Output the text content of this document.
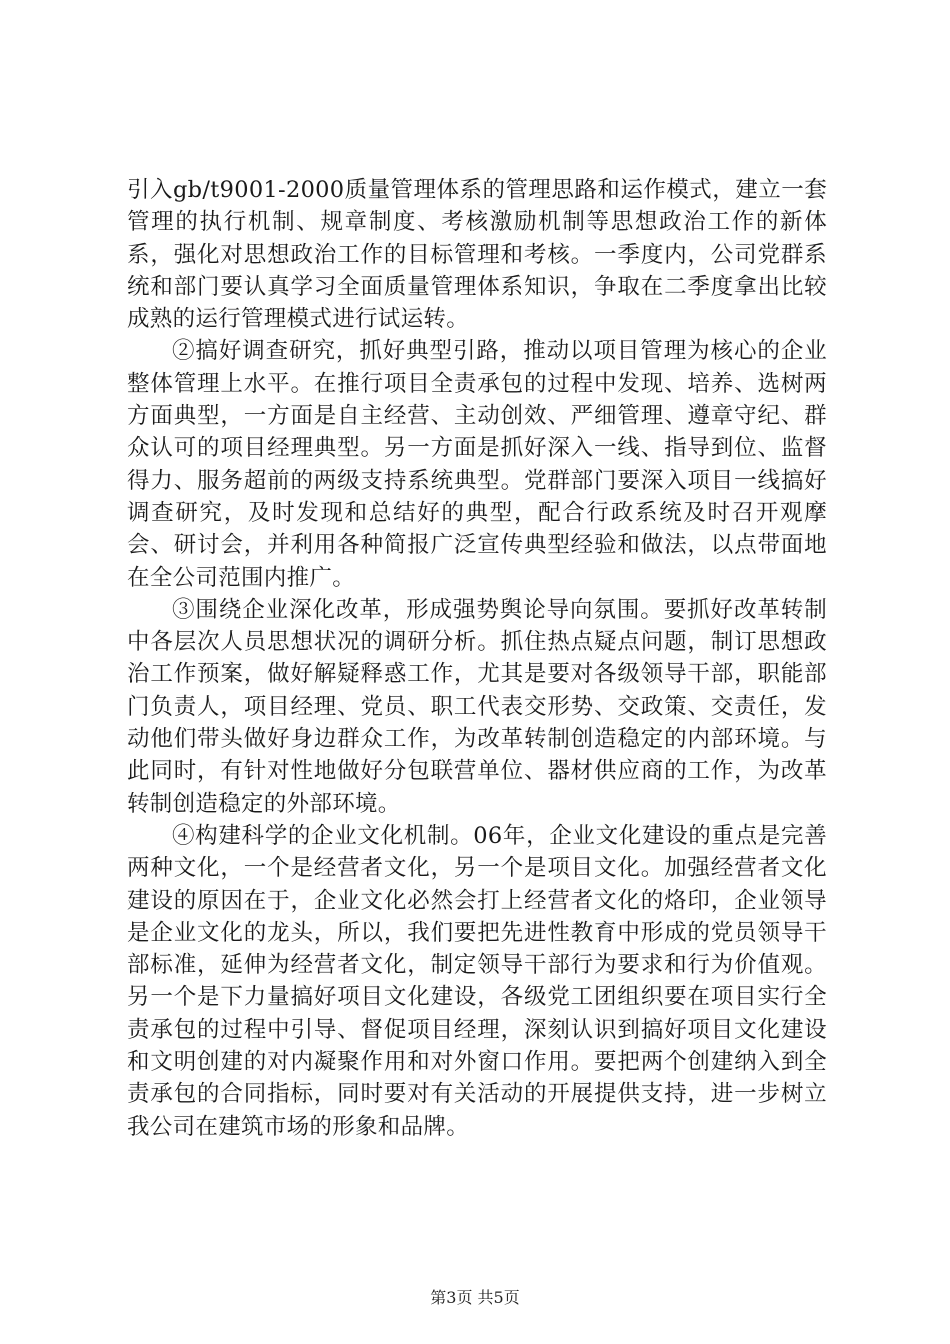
引入gb/t9001-2000质量管理体系的管理思路和运作模式，建立一套管理的执行机制、规章制度、考核激励机制等思想政治工作的新体系，强化对思想政治工作的目标管理和考核。一季度内，公司党群系统和部门要认真学习全面质量管理体系知识，争取在二季度拿出比较成熟的运行管理模式进行试运转。

②搞好调查研究，抓好典型引路，推动以项目管理为核心的企业整体管理上水平。在推行项目全责承包的过程中发现、培养、选树两方面典型，一方面是自主经营、主动创效、严细管理、遵章守纪、群众认可的项目经理典型。另一方面是抓好深入一线、指导到位、监督得力、服务超前的两级支持系统典型。党群部门要深入项目一线搞好调查研究，及时发现和总结好的典型，配合行政系统及时召开观摩会、研讨会，并利用各种简报广泛宣传典型经验和做法，以点带面地在全公司范围内推广。

③围绕企业深化改革，形成强势舆论导向氛围。要抓好改革转制中各层次人员思想状况的调研分析。抓住热点疑点问题，制订思想政治工作预案，做好解疑释惑工作，尤其是要对各级领导干部，职能部门负责人，项目经理、党员、职工代表交形势、交政策、交责任，发动他们带头做好身边群众工作，为改革转制创造稳定的内部环境。与此同时，有针对性地做好分包联营单位、器材供应商的工作，为改革转制创造稳定的外部环境。

④构建科学的企业文化机制。06年，企业文化建设的重点是完善两种文化，一个是经营者文化，另一个是项目文化。加强经营者文化建设的原因在于，企业文化必然会打上经营者文化的烙印，企业领导是企业文化的龙头，所以，我们要把先进性教育中形成的党员领导干部标准，延伸为经营者文化，制定领导干部行为要求和行为价值观。另一个是下力量搞好项目文化建设，各级党工团组织要在项目实行全责承包的过程中引导、督促项目经理，深刻认识到搞好项目文化建设和文明创建的对内凝聚作用和对外窗口作用。要把两个创建纳入到全责承包的合同指标，同时要对有关活动的开展提供支持，进一步树立我公司在建筑市场的形象和品牌。

第3页 共5页
